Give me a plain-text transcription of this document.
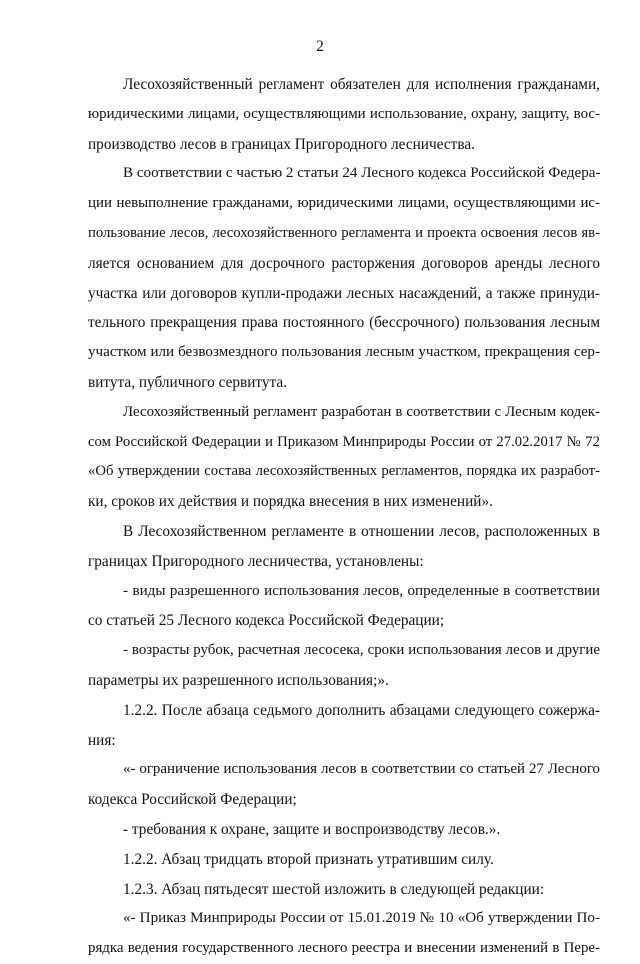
2
Лесохозяйственный регламент обязателен для исполнения гражданами,
юридическими лицами, осуществляющими использование, охрану, защиту, вос-
производство лесов в границах Пригородного лесничества.
В соответствии с частью 2 статьи 24 Лесного кодекса Российской Федера-
ции невыполнение гражданами, юридическими лицами, осуществляющими ис-
пользование лесов, лесохозяйственного регламента и проекта освоения лесов яв-
ляется основанием для досрочного расторжения договоров аренды лесного
участка или договоров купли-продажи лесных насаждений, а также принуди-
тельного прекращения права постоянного (бессрочного) пользования лесным
участком или безвозмездного пользования лесным участком, прекращения сер-
витута, публичного сервитута.
Лесохозяйственный регламент разработан в соответствии с Лесным кодек-
сом Российской Федерации и Приказом Минприроды России от 27.02.2017 № 72
«Об утверждении состава лесохозяйственных регламентов, порядка их разработ-
ки, сроков их действия и порядка внесения в них изменений».
В Лесохозяйственном регламенте в отношении лесов, расположенных в
границах Пригородного лесничества, установлены:
- виды разрешенного использования лесов, определенные в соответствии
со статьей 25 Лесного кодекса Российской Федерации;
- возрасты рубок, расчетная лесосека, сроки использования лесов и другие
параметры их разрешенного использования;».
1.2.2. После абзаца седьмого дополнить абзацами следующего сожержа-
ния:
«- ограничение использования лесов в соответствии со статьей 27 Лесного
кодекса Российской Федерации;
- требования к охране, защите и воспроизводству лесов.».
1.2.2. Абзац тридцать второй признать утратившим силу.
1.2.3. Абзац пятьдесят шестой изложить в следующей редакции:
«- Приказ Минприроды России от 15.01.2019 № 10 «Об утверждении По-
рядка ведения государственного лесного реестра и внесении изменений в Пере-
